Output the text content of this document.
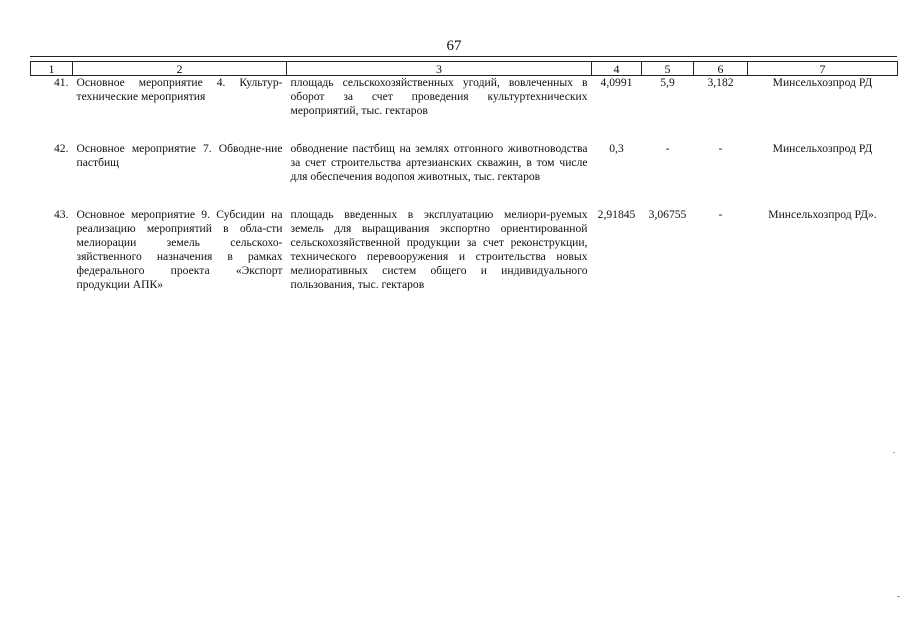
67
1	2	3	4	5	6	7
41.	Основное мероприятие 4. Культур-технические мероприятия	площадь сельскохозяйственных угодий, вовлеченных в оборот за счет проведения культуртехнических мероприятий, тыс. гектаров	4,0991	5,9	3,182	Минсельхозпрод РД

42.	Основное мероприятие 7. Обводне-ние пастбищ	обводнение пастбищ на землях отгонного животноводства за счет строительства артезианских скважин, в том числе для обеспечения водопоя животных, тыс. гектаров	0,3	-	-	Минсельхозпрод РД

43.	Основное мероприятие 9. Субсидии на реализацию мероприятий в обла-сти мелиорации земель сельскохо-зяйственного назначения в рамках федерального проекта «Экспорт продукции АПК»	площадь введенных в эксплуатацию мелиори-руемых земель для выращивания экспортно ориентированной сельскохозяйственной продукции за счет реконструкции, технического перевооружения и строительства новых мелиоративных систем общего и индивидуального пользования, тыс. гектаров	2,91845	3,06755	-	Минсельхозпрод РД».
